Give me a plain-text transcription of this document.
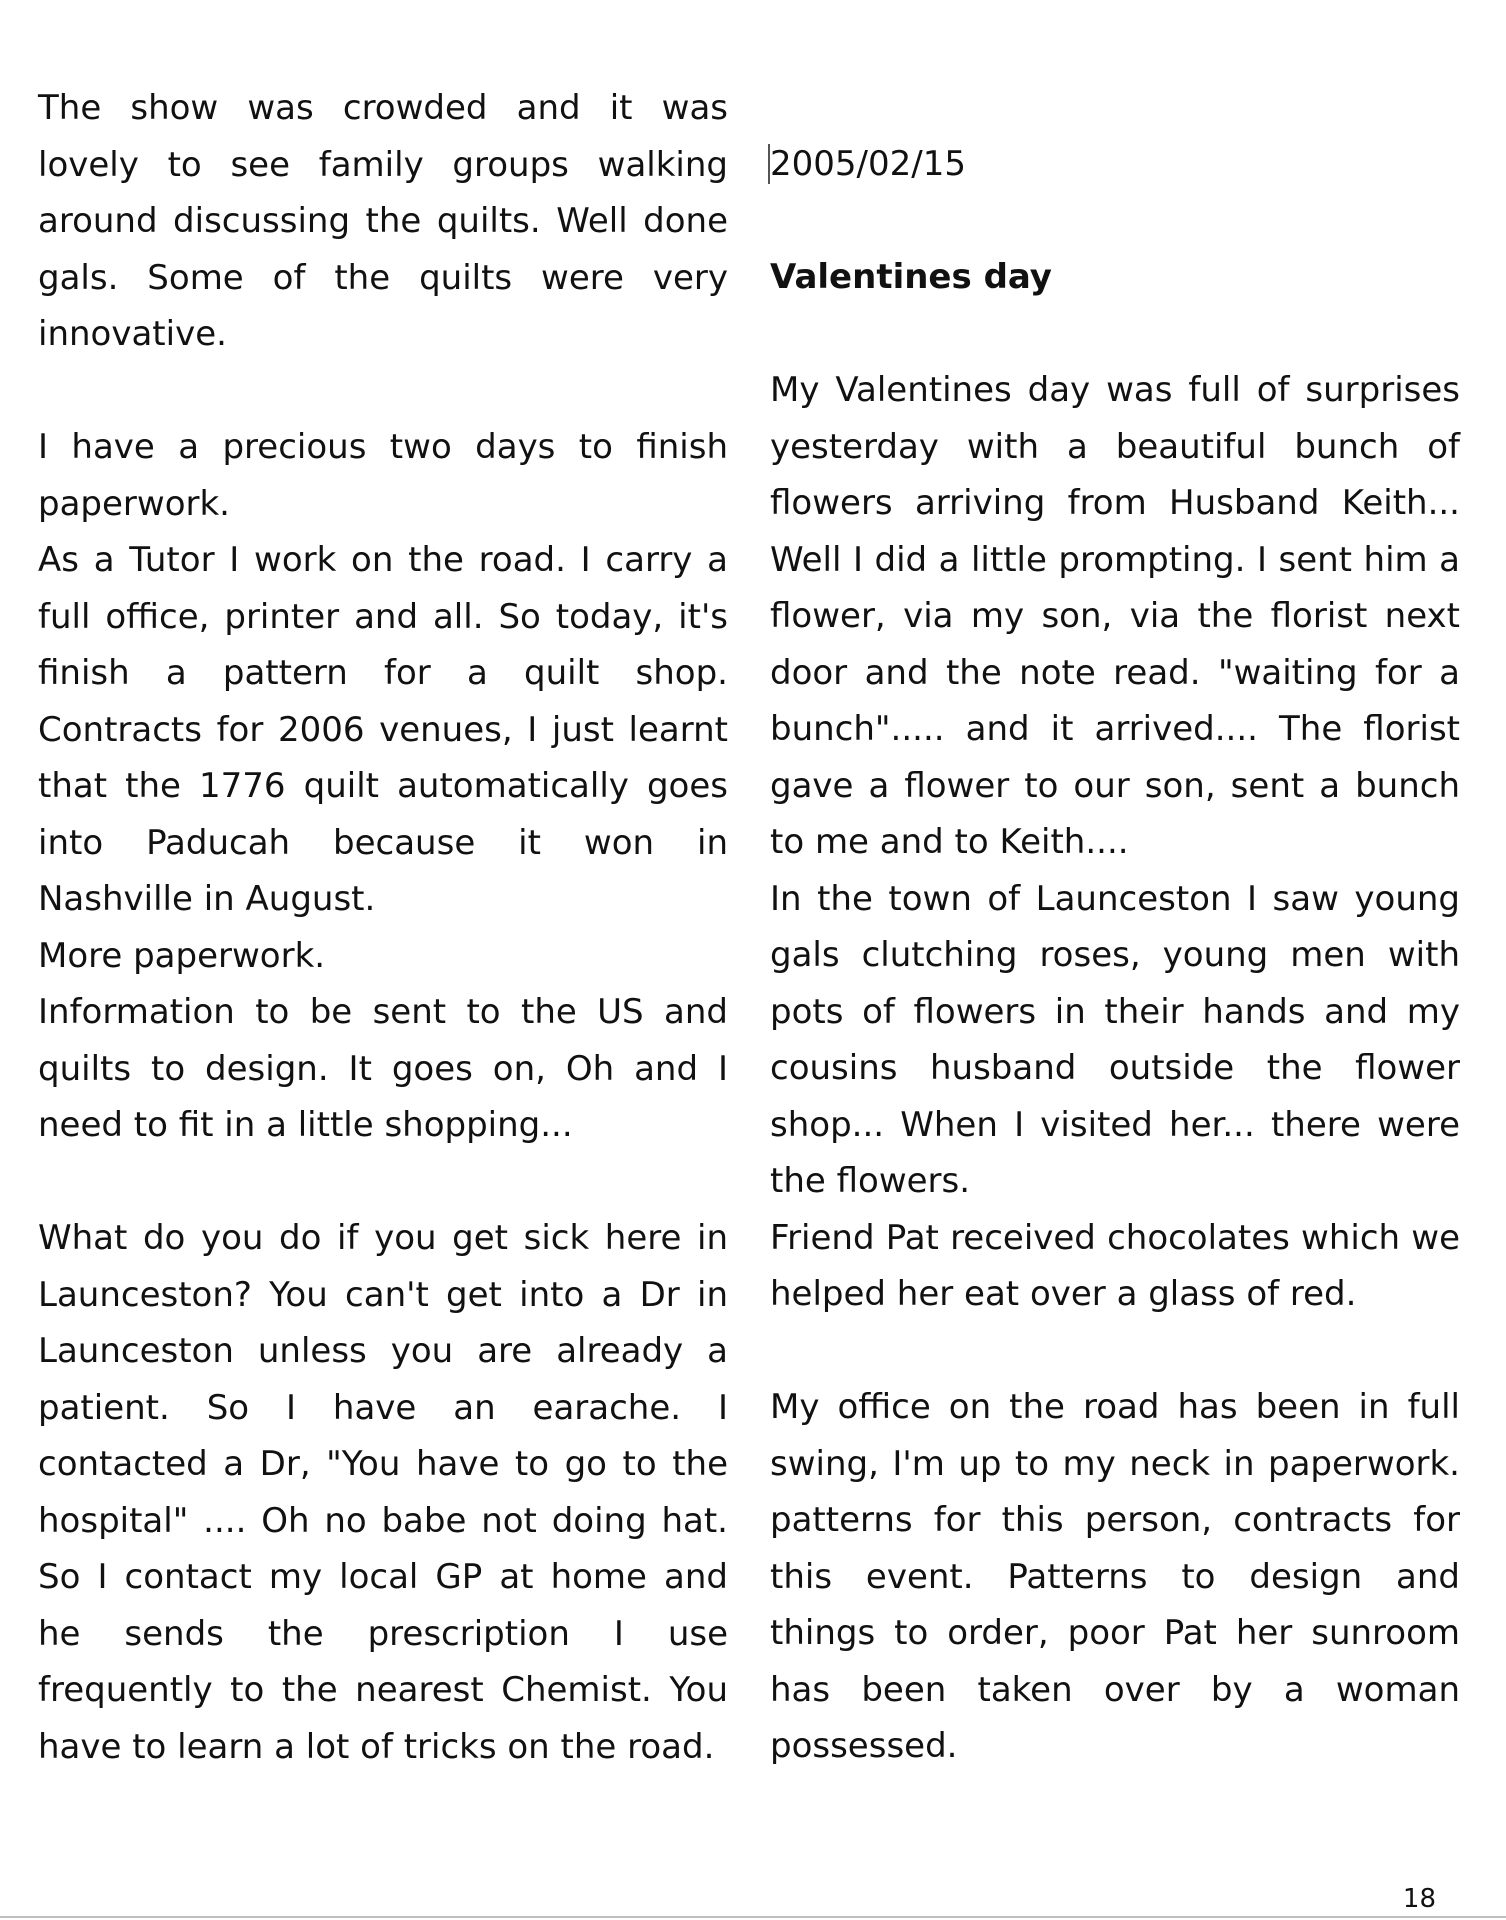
The show was crowded and it was lovely to see family groups walking around discussing the quilts. Well done gals. Some of the quilts were very innovative.

I have a precious two days to finish paperwork.

As a Tutor I work on the road. I carry a full office, printer and all. So today, it's finish a pattern for a quilt shop. Contracts for 2006 venues, I just learnt that the 1776 quilt automatically goes into Paducah because it won in Nashville in August.

More paperwork.

Information to be sent to the US and quilts to design. It goes on, Oh and I need to fit in a little shopping...

What do you do if you get sick here in Launceston? You can't get into a Dr in Launceston unless you are already a patient. So I have an earache. I contacted a Dr, "You have to go to the hospital" .... Oh no babe not doing hat. So I contact my local GP at home and he sends the prescription I use frequently to the nearest Chemist. You have to learn a lot of tricks on the road.

2005/02/15

Valentines day

My Valentines day was full of surprises yesterday with a beautiful bunch of flowers arriving from Husband Keith... Well I did a little prompting. I sent him a flower, via my son, via the florist next door and the note read. "waiting for a bunch"..... and it arrived.... The florist gave a flower to our son, sent a bunch to me and to Keith....

In the town of Launceston I saw young gals clutching roses, young men with pots of flowers in their hands and my cousins husband outside the flower shop... When I visited her... there were the flowers.

Friend Pat received chocolates which we helped her eat over a glass of red.

My office on the road has been in full swing, I'm up to my neck in paperwork. patterns for this person, contracts for this event. Patterns to design and things to order, poor Pat her sunroom has been taken over by a woman possessed.

18
